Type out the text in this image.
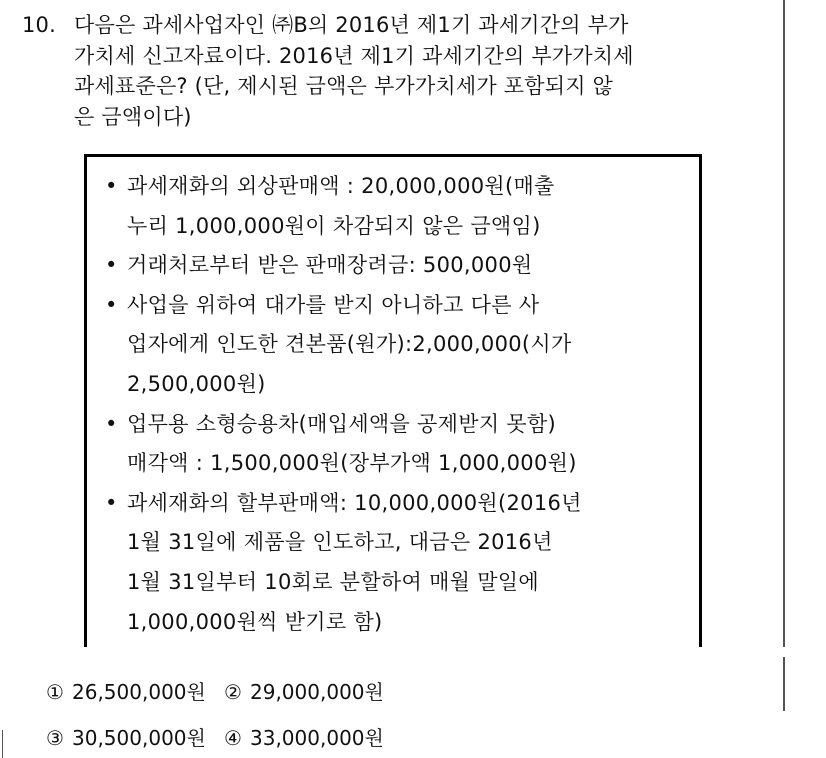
10. 다음은 과세사업자인 ㈜B의 2016년 제1기 과세기간의 부가
가치세 신고자료이다. 2016년 제1기 과세기간의 부가가치세
과세표준은? (단, 제시된 금액은 부가가치세가 포함되지 않
은 금액이다)
• 과세재화의 외상판매액 : 20,000,000원(매출
누리 1,000,000원이 차감되지 않은 금액임)
• 거래처로부터 받은 판매장려금: 500,000원
• 사업을 위하여 대가를 받지 아니하고 다른 사
업자에게 인도한 견본품(원가):2,000,000(시가
2,500,000원)
• 업무용 소형승용차(매입세액을 공제받지 못함)
매각액 : 1,500,000원(장부가액 1,000,000원)
• 과세재화의 할부판매액: 10,000,000원(2016년
1월 31일에 제품을 인도하고, 대금은 2016년
1월 31일부터 10회로 분할하여 매월 말일에
1,000,000원씩 받기로 함)
① 26,500,000원 ② 29,000,000원
③ 30,500,000원 ④ 33,000,000원
